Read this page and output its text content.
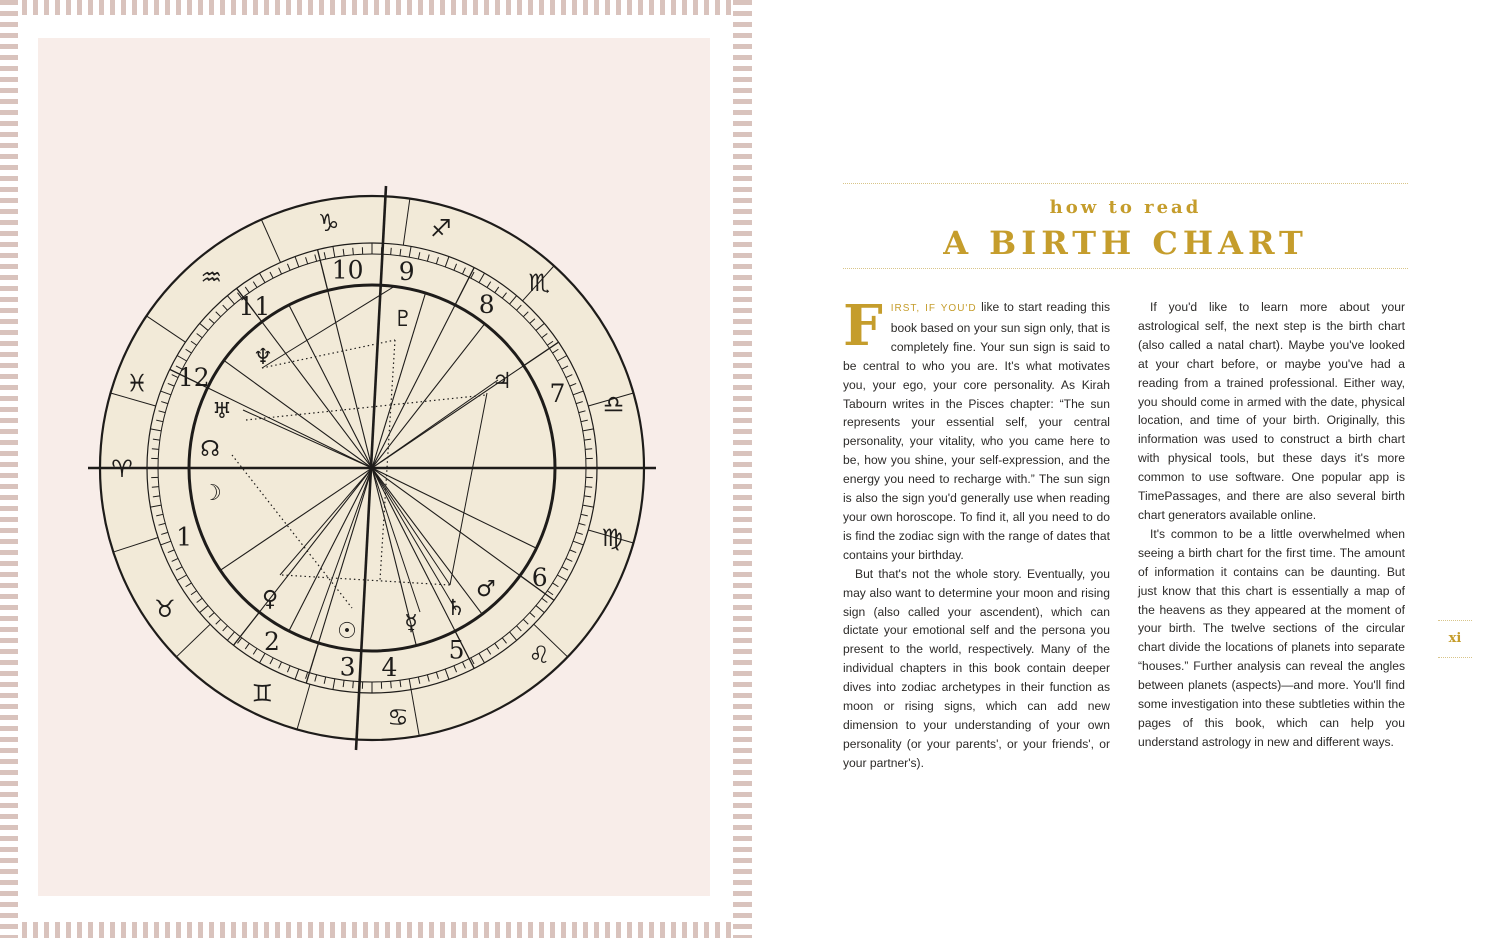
1
2
3 4
5
6
7
8
9
10
11
12
♈
♉
♊
♋
♌
♍
♎
♏
♐
♑
♒
♓
♀
☉ ☿
♄
♂
♃
♇
♆
♅
☊
☽
how to read
A BIRTH CHART

FIRST, IF YOU'D like to start reading this book based on your sun sign only, that is completely fine. Your sun sign is said to be central to who you are. It's what motivates you, your ego, your core personality. As Kirah Tabourn writes in the Pisces chapter: “The sun represents your essential self, your central personality, your vitality, who you came here to be, how you shine, your self-expression, and the energy you need to recharge with.” The sun sign is also the sign you'd generally use when reading your own horoscope. To find it, all you need to do is find the zodiac sign with the range of dates that contains your birthday.

But that's not the whole story. Eventually, you may also want to determine your moon and rising sign (also called your ascendent), which can dictate your emotional self and the persona you present to the world, respectively. Many of the individual chapters in this book contain deeper dives into zodiac archetypes in their function as moon or rising signs, which can add new dimension to your understanding of your own personality (or your parents', or your friends', or your partner's).

If you'd like to learn more about your astrological self, the next step is the birth chart (also called a natal chart). Maybe you've looked at your chart before, or maybe you've had a reading from a trained professional. Either way, you should come in armed with the date, physical location, and time of your birth. Originally, this information was used to construct a birth chart with physical tools, but these days it's more common to use software. One popular app is TimePassages, and there are also several birth chart generators available online.

It's common to be a little overwhelmed when seeing a birth chart for the first time. The amount of information it contains can be daunting. But just know that this chart is essentially a map of the heavens as they appeared at the moment of your birth. The twelve sections of the circular chart divide the locations of planets into separate “houses.” Further analysis can reveal the angles between planets (aspects)—and more. You'll find some investigation into these subtleties within the pages of this book, which can help you understand astrology in new and different ways.

xi
